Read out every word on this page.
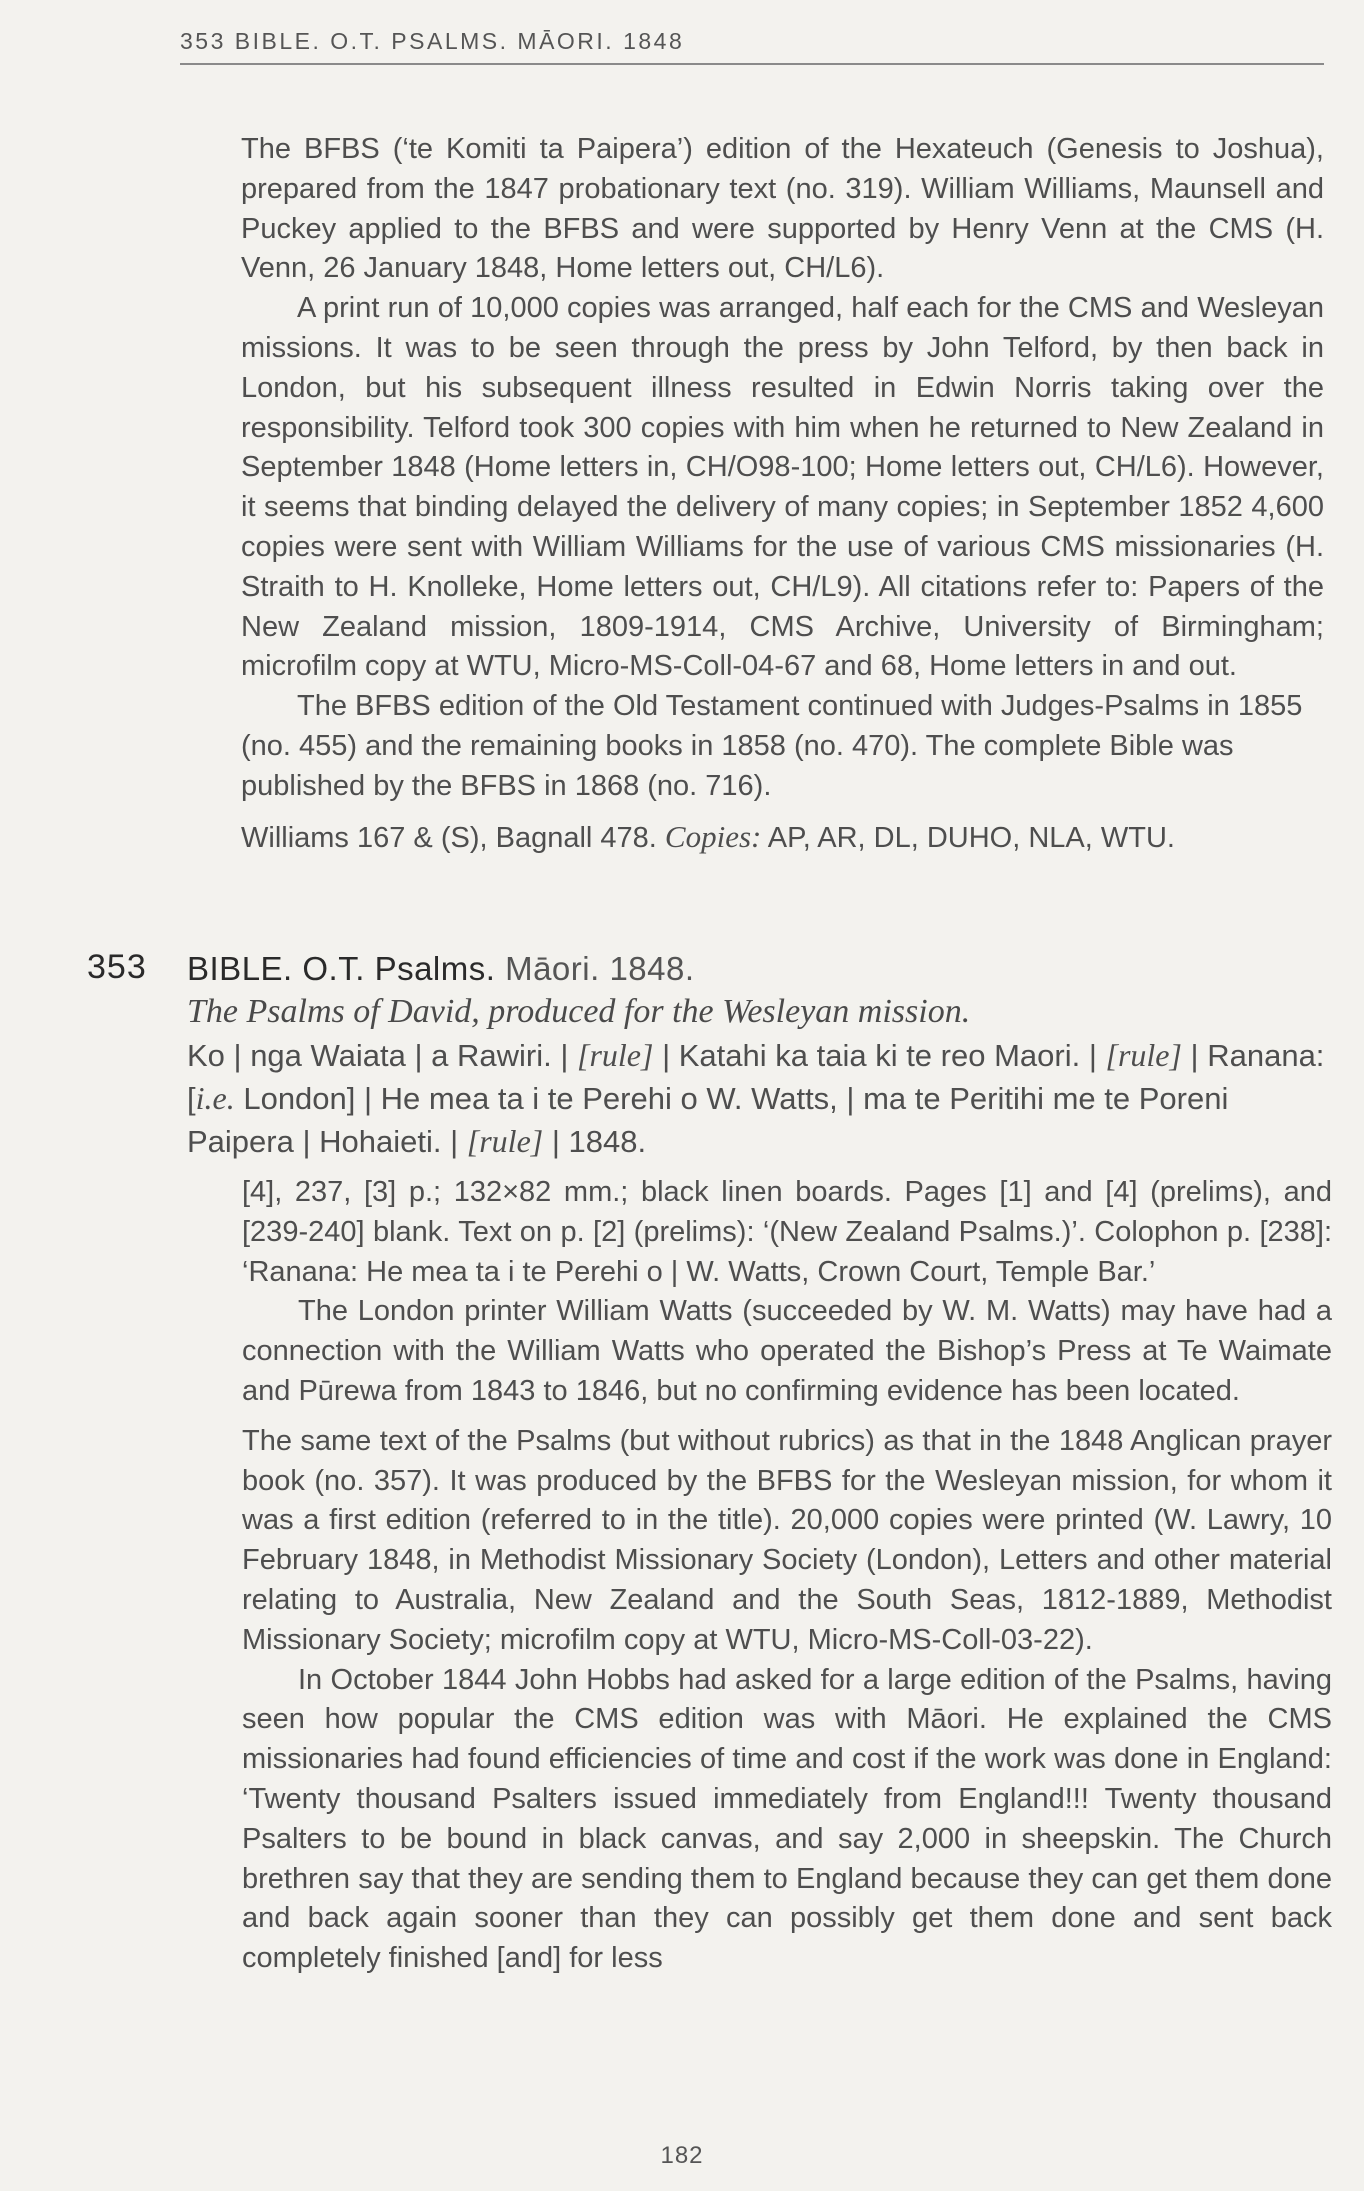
353 BIBLE. O.T. PSALMS. MĀORI. 1848

The BFBS (‘te Komiti ta Paipera’) edition of the Hexateuch (Genesis to Joshua), prepared from the 1847 probationary text (no. 319). William Williams, Maunsell and Puckey applied to the BFBS and were supported by Henry Venn at the CMS (H. Venn, 26 January 1848, Home letters out, CH/L6).

A print run of 10,000 copies was arranged, half each for the CMS and Wesleyan missions. It was to be seen through the press by John Telford, by then back in London, but his subsequent illness resulted in Edwin Norris taking over the responsibility. Telford took 300 copies with him when he returned to New Zealand in September 1848 (Home letters in, CH/O98-100; Home letters out, CH/L6). However, it seems that binding delayed the delivery of many copies; in September 1852 4,600 copies were sent with William Williams for the use of various CMS missionaries (H. Straith to H. Knolleke, Home letters out, CH/L9). All citations refer to: Papers of the New Zealand mission, 1809-1914, CMS Archive, University of Birmingham; microfilm copy at WTU, Micro-MS-Coll-04-67 and 68, Home letters in and out.

The BFBS edition of the Old Testament continued with Judges-Psalms in 1855 (no. 455) and the remaining books in 1858 (no. 470). The complete Bible was published by the BFBS in 1868 (no. 716).

Williams 167 & (S), Bagnall 478. Copies: AP, AR, DL, DUHO, NLA, WTU.
353 BIBLE. O.T. Psalms. Māori. 1848.
The Psalms of David, produced for the Wesleyan mission.
Ko | nga Waiata | a Rawiri. | [rule] | Katahi ka taia ki te reo Maori. | [rule] | Ranana: [i.e. London] | He mea ta i te Perehi o W. Watts, | ma te Peritihi me te Poreni Paipera | Hohaieti. | [rule] | 1848.

[4], 237, [3] p.; 132×82 mm.; black linen boards. Pages [1] and [4] (prelims), and [239-240] blank. Text on p. [2] (prelims): ‘(New Zealand Psalms.)’. Colophon p. [238]: ‘Ranana: He mea ta i te Perehi o | W. Watts, Crown Court, Temple Bar.’

The London printer William Watts (succeeded by W. M. Watts) may have had a connection with the William Watts who operated the Bishop’s Press at Te Waimate and Pūrewa from 1843 to 1846, but no confirming evidence has been located.

The same text of the Psalms (but without rubrics) as that in the 1848 Anglican prayer book (no. 357). It was produced by the BFBS for the Wesleyan mission, for whom it was a first edition (referred to in the title). 20,000 copies were printed (W. Lawry, 10 February 1848, in Methodist Missionary Society (London), Letters and other material relating to Australia, New Zealand and the South Seas, 1812-1889, Methodist Missionary Society; microfilm copy at WTU, Micro-MS-Coll-03-22).

In October 1844 John Hobbs had asked for a large edition of the Psalms, having seen how popular the CMS edition was with Māori. He explained the CMS missionaries had found efficiencies of time and cost if the work was done in England: ‘Twenty thousand Psalters issued immediately from England!!! Twenty thousand Psalters to be bound in black canvas, and say 2,000 in sheepskin. The Church brethren say that they are sending them to England because they can get them done and back again sooner than they can possibly get them done and sent back completely finished [and] for less

182
